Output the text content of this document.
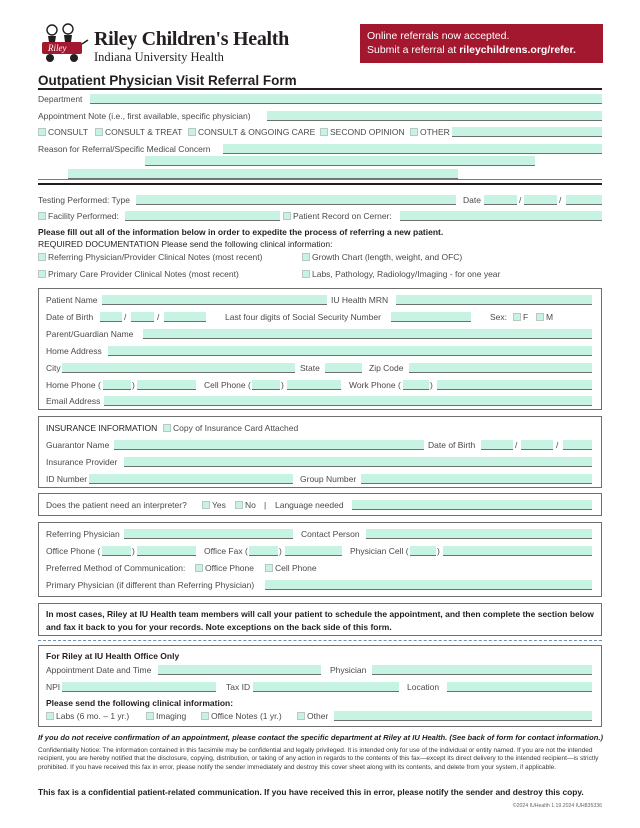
Riley Riley Children's Health
Indiana University Health
Online referrals now accepted.
Submit a referral at rileychildrens.org/refer.
Outpatient Physician Visit Referral Form
Department
Appointment Note (i.e., first available, specific physician)
CONSULT	CONSULT & TREAT	CONSULT & ONGOING CARE	SECOND OPINION	OTHER
Reason for Referral/Specific Medical Concern
Testing Performed: Type	Date	/	/
Facility Performed:	Patient Record on Cerner:
Please fill out all of the information below in order to expedite the process of referring a new patient.
REQUIRED DOCUMENTATION Please send the following clinical information:
Referring Physician/Provider Clinical Notes (most recent)	Growth Chart (length, weight, and OFC)
Primary Care Provider Clinical Notes (most recent)	Labs, Pathology, Radiology/Imaging - for one year
Patient Name	IU Health MRN
Date of Birth	/	/	Last four digits of Social Security Number	Sex:	F	M
Parent/Guardian Name
Home Address
City	State	Zip Code
Home Phone (	)	Cell Phone (	)	Work Phone (	)
Email Address
INSURANCE INFORMATION	Copy of Insurance Card Attached
Guarantor Name	Date of Birth	/	/
Insurance Provider
ID Number	Group Number
Does the patient need an interpreter?	Yes	No | Language needed
Referring Physician	Contact Person
Office Phone (	)	Office Fax (	)	Physician Cell (	)
Preferred Method of Communication:	Office Phone	Cell Phone
Primary Physician (if different than Referring Physician)
In most cases, Riley at IU Health team members will call your patient to schedule the appointment, and then complete the section below and fax it back to you for your records. Note exceptions on the back side of this form.
For Riley at IU Health Office Only
Appointment Date and Time	Physician
NPI	Tax ID	Location
Please send the following clinical information:
Labs (6 mo. – 1 yr.)	Imaging	Office Notes (1 yr.)	Other
If you do not receive confirmation of an appointment, please contact the specific department at Riley at IU Health. (See back of form for contact information.)
Confidentiality Notice: The information contained in this facsimile may be confidential and legally privileged. It is intended only for use of the individual or entity named. If you are not the intended recipient, you are hereby notified that the disclosure, copying, distribution, or taking of any action in regards to the contents of this fax—except its direct delivery to the intended recipient—is strictly prohibited. If you have received this fax in error, please notify the sender immediately and destroy this cover sheet along with its contents, and delete from your system, if applicable.
This fax is a confidential patient-related communication. If you have received this in error, please notify the sender and destroy this copy.
©2024 IUHealth 1.19.2024 IUH835336
